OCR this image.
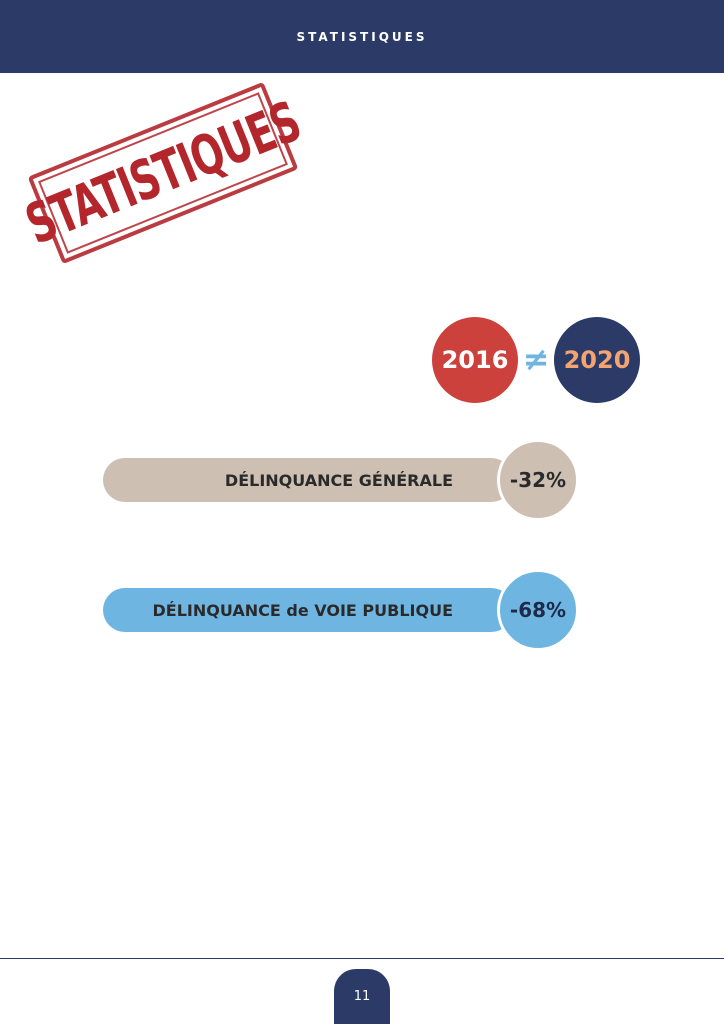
STATISTIQUES
STATISTIQUES
2016 ≠ 2020
DÉLINQUANCE GÉNÉRALE	-32%
DÉLINQUANCE de VOIE PUBLIQUE	-68%
11
